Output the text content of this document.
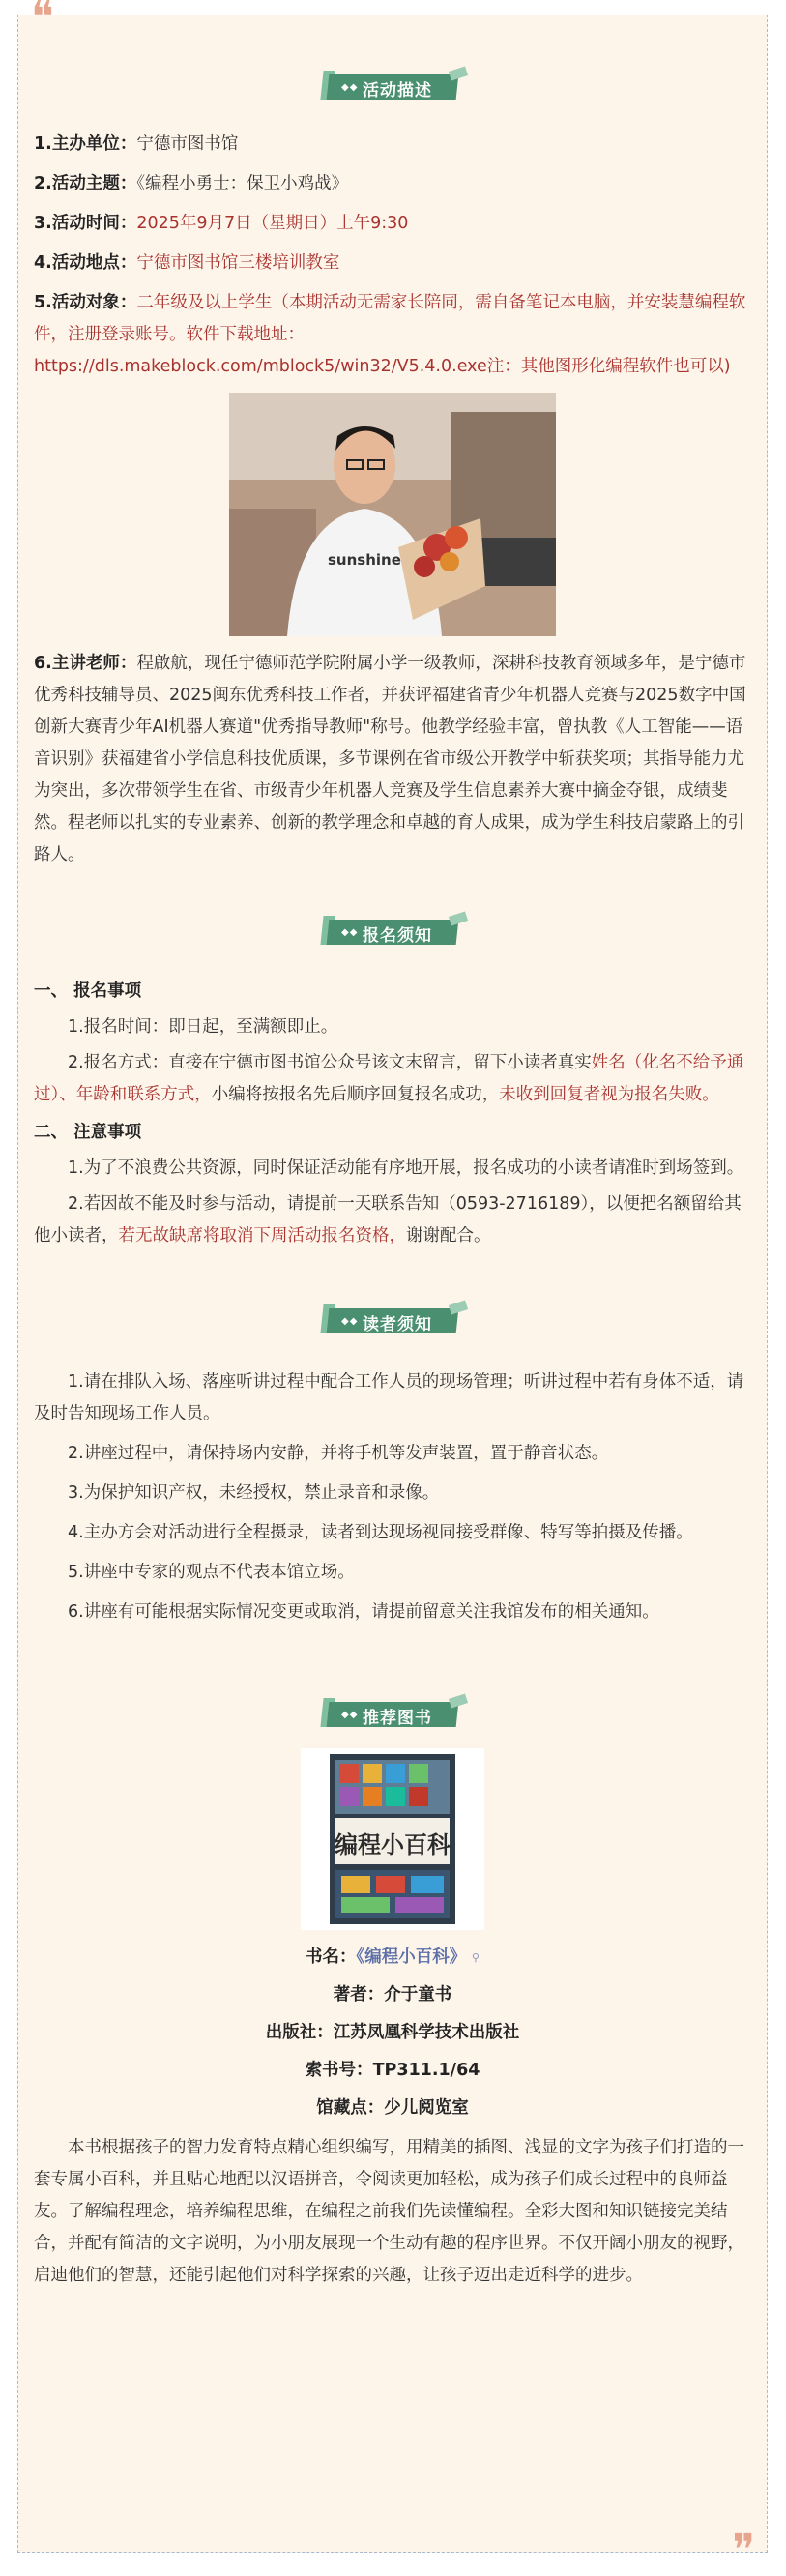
◆◆ 活动描述

1.主办单位：宁德市图书馆

2.活动主题：《编程小勇士：保卫小鸡战》

3.活动时间：2025年9月7日（星期日）上午9:30

4.活动地点：宁德市图书馆三楼培训教室

5.活动对象：二年级及以上学生（本期活动无需家长陪同，需自备笔记本电脑，并安装慧编程软件，注册登录账号。软件下载地址：https://dls.makeblock.com/mblock5/win32/V5.4.0.exe注：其他图形化编程软件也可以)

sunshine

6.主讲老师：程啟航，现任宁德师范学院附属小学一级教师，深耕科技教育领域多年，是宁德市优秀科技辅导员、2025闽东优秀科技工作者，并获评福建省青少年机器人竞赛与2025数字中国创新大赛青少年AI机器人赛道"优秀指导教师"称号。他教学经验丰富，曾执教《人工智能——语音识别》获福建省小学信息科技优质课，多节课例在省市级公开教学中斩获奖项；其指导能力尤为突出，多次带领学生在省、市级青少年机器人竞赛及学生信息素养大赛中摘金夺银，成绩斐然。程老师以扎实的专业素养、创新的教学理念和卓越的育人成果，成为学生科技启蒙路上的引路人。

◆◆ 报名须知

一、 报名事项

1.报名时间：即日起，至满额即止。

2.报名方式：直接在宁德市图书馆公众号该文末留言，留下小读者真实姓名（化名不给予通过）、年龄和联系方式，小编将按报名先后顺序回复报名成功，未收到回复者视为报名失败。

二、 注意事项

1.为了不浪费公共资源，同时保证活动能有序地开展，报名成功的小读者请准时到场签到。

2.若因故不能及时参与活动，请提前一天联系告知（0593-2716189），以便把名额留给其他小读者，若无故缺席将取消下周活动报名资格，谢谢配合。

◆◆ 读者须知

1.请在排队入场、落座听讲过程中配合工作人员的现场管理；听讲过程中若有身体不适，请及时告知现场工作人员。

2.讲座过程中，请保持场内安静，并将手机等发声装置，置于静音状态。

3.为保护知识产权，未经授权，禁止录音和录像。

4.主办方会对活动进行全程摄录，读者到达现场视同接受群像、特写等拍摄及传播。

5.讲座中专家的观点不代表本馆立场。

6.讲座有可能根据实际情况变更或取消，请提前留意关注我馆发布的相关通知。

◆◆ 推荐图书
编程小百科

书名：《编程小百科》 ⚲

著者：介于童书

出版社：江苏凤凰科学技术出版社

索书号：TP311.1/64

馆藏点：少儿阅览室

本书根据孩子的智力发育特点精心组织编写，用精美的插图、浅显的文字为孩子们打造的一套专属小百科，并且贴心地配以汉语拼音，令阅读更加轻松，成为孩子们成长过程中的良师益友。了解编程理念，培养编程思维，在编程之前我们先读懂编程。全彩大图和知识链接完美结合，并配有简洁的文字说明，为小朋友展现一个生动有趣的程序世界。不仅开阔小朋友的视野，启迪他们的智慧，还能引起他们对科学探索的兴趣，让孩子迈出走近科学的进步。

❞
